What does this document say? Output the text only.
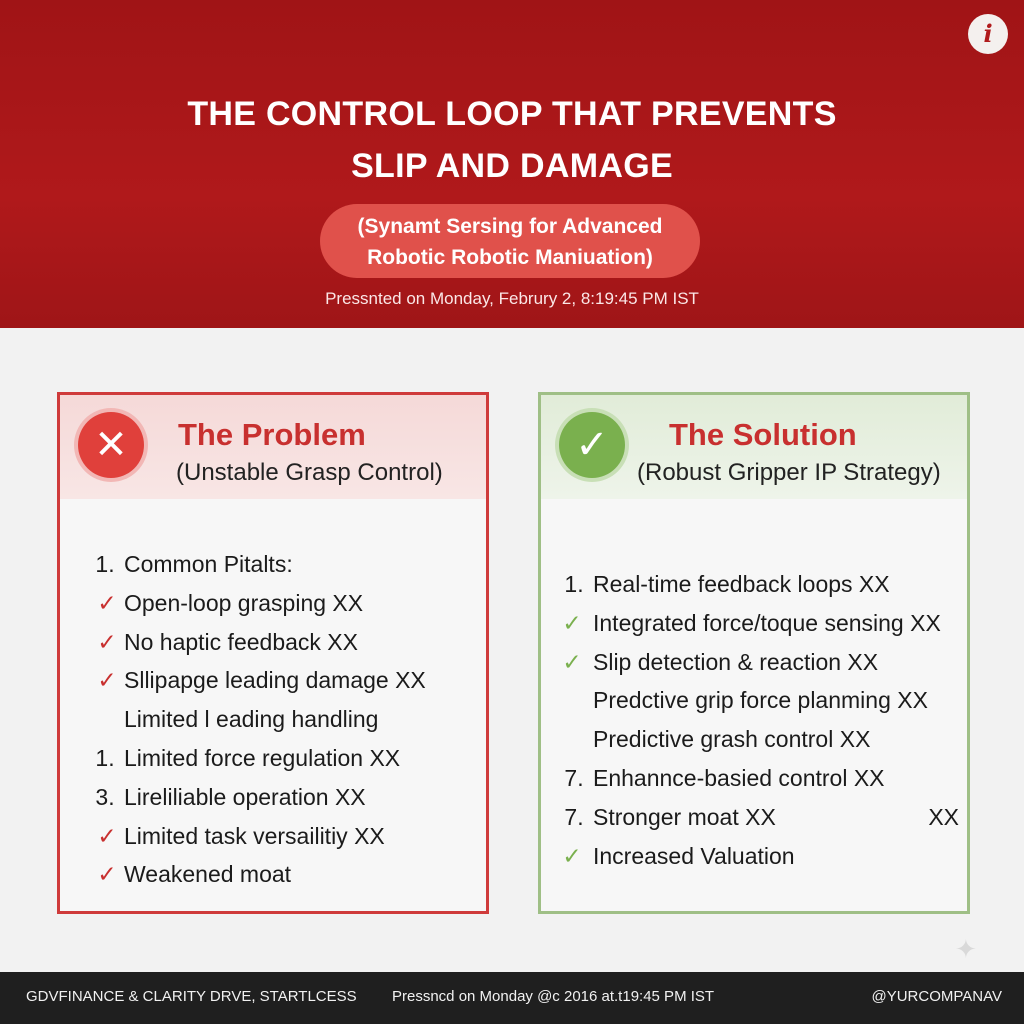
i
THE CONTROL LOOP THAT PREVENTS
SLIP AND DAMAGE
(Synamt Sersing for Advanced
Robotic Robotic Maniuation)
Pressnted on Monday, Februry 2, 8:19:45 PM IST
✕	The Problem
(Unstable Grasp Control)
1. Common Pitalts:
✓ Open-loop grasping XX
✓ No haptic feedback XX
✓ Sllipapge leading damage XX
Limited l eading handling
1. Limited force regulation XX
3. Lireliliable operation XX
✓ Limited task versailitiy XX
✓ Weakened moat
✓	The Solution
(Robust Gripper IP Strategy)
1. Real-time feedback loops XX
✓ Integrated force/toque sensing XX
✓ Slip detection & reaction XX
Predctive grip force planming XX
Predictive grash control XX
7. Enhannce-basied control XX
7. Stronger moat XX	XX
✓ Increased Valuation
✦
GDVFINANCE & CLARITY DRVE, STARTLCESS Pressncd on Monday @c 2016 at.t19:45 PM IST	@YURCOMPANAV
